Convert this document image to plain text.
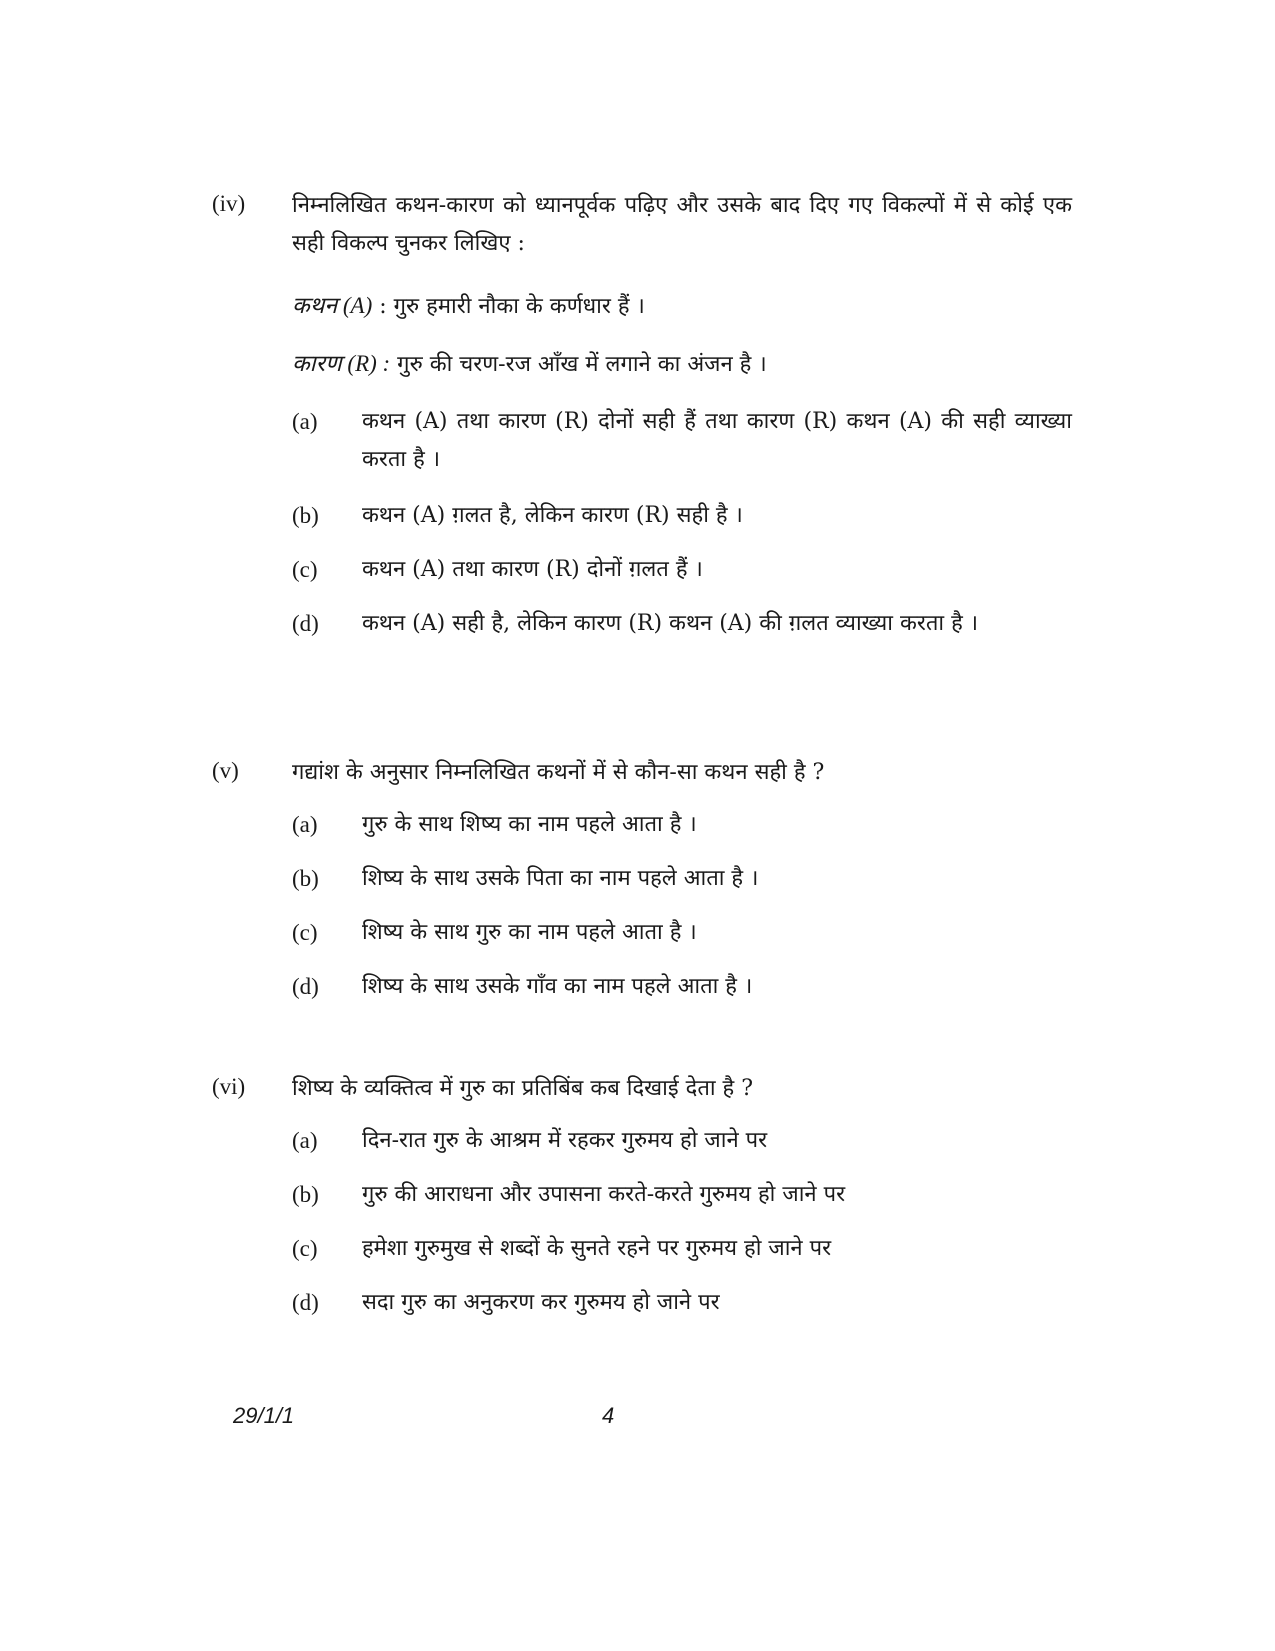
(iv) निम्नलिखित कथन-कारण को ध्यानपूर्वक पढ़िए और उसके बाद दिए गए विकल्पों में से कोई एक सही विकल्प चुनकर लिखिए :
कथन (A) : गुरु हमारी नौका के कर्णधार हैं ।
कारण (R) : गुरु की चरण-रज आँख में लगाने का अंजन है ।
(a) कथन (A) तथा कारण (R) दोनों सही हैं तथा कारण (R) कथन (A) की सही व्याख्या करता है ।
(b) कथन (A) ग़लत है, लेकिन कारण (R) सही है ।
(c) कथन (A) तथा कारण (R) दोनों ग़लत हैं ।
(d) कथन (A) सही है, लेकिन कारण (R) कथन (A) की ग़लत व्याख्या करता है ।
(v) गद्यांश के अनुसार निम्नलिखित कथनों में से कौन-सा कथन सही है ?
(a) गुरु के साथ शिष्य का नाम पहले आता है ।
(b) शिष्य के साथ उसके पिता का नाम पहले आता है ।
(c) शिष्य के साथ गुरु का नाम पहले आता है ।
(d) शिष्य के साथ उसके गाँव का नाम पहले आता है ।
(vi) शिष्य के व्यक्तित्व में गुरु का प्रतिबिंब कब दिखाई देता है ?
(a) दिन-रात गुरु के आश्रम में रहकर गुरुमय हो जाने पर
(b) गुरु की आराधना और उपासना करते-करते गुरुमय हो जाने पर
(c) हमेशा गुरुमुख से शब्दों के सुनते रहने पर गुरुमय हो जाने पर
(d) सदा गुरु का अनुकरण कर गुरुमय हो जाने पर
29/1/1	4
